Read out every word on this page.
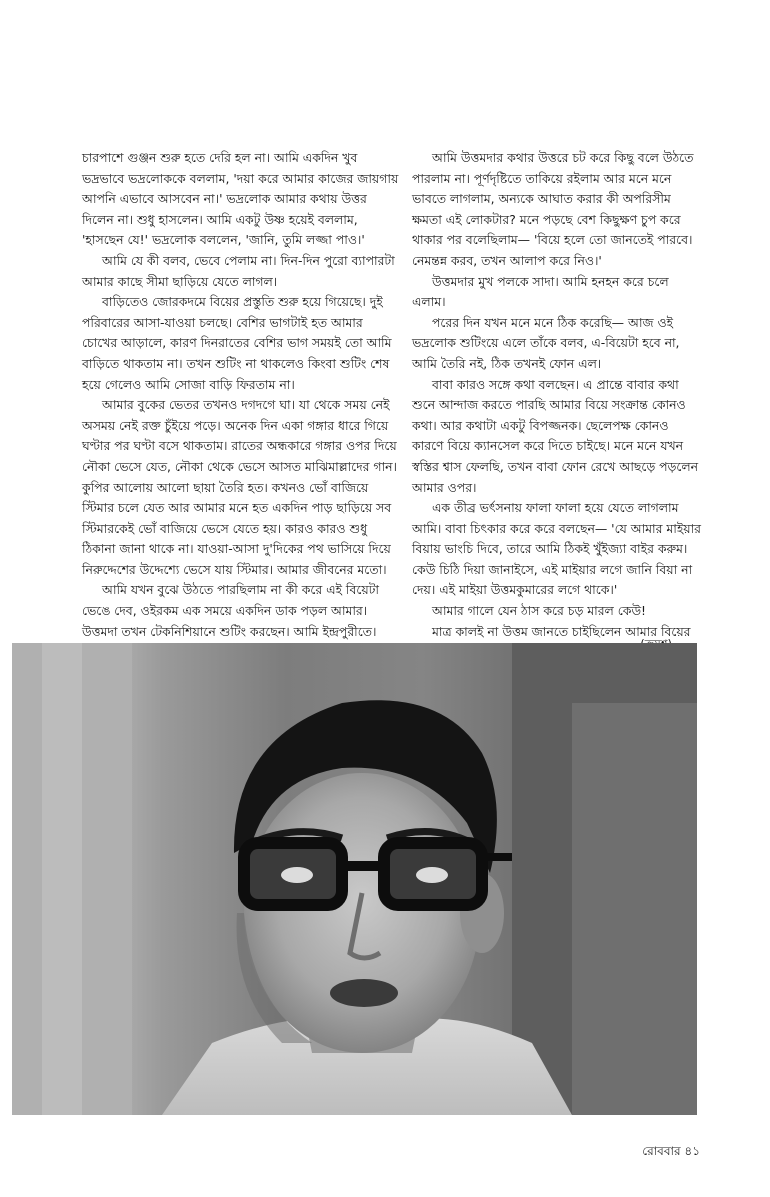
চারপাশে গুঞ্জন শুরু হতে দেরি হল না। আমি একদিন খুব ভদ্রভাবে ভদ্রলোককে বললাম, 'দয়া করে আমার কাজের জায়গায় আপনি এভাবে আসবেন না।' ভদ্রলোক আমার কথায় উত্তর দিলেন না। শুধু হাসলেন। আমি একটু উষ্ণ হয়েই বললাম, 'হাসছেন যে!' ভদ্রলোক বললেন, 'জানি, তুমি লজ্জা পাও।'

আমি যে কী বলব, ভেবে পেলাম না। দিন-দিন পুরো ব্যাপারটা আমার কাছে সীমা ছাড়িয়ে যেতে লাগল।

বাড়িতেও জোরকদমে বিয়ের প্রস্তুতি শুরু হয়ে গিয়েছে। দুই পরিবারের আসা-যাওয়া চলছে। বেশির ভাগটাই হত আমার চোখের আড়ালে, কারণ দিনরাতের বেশির ভাগ সময়ই তো আমি বাড়িতে থাকতাম না। তখন শুটিং না থাকলেও কিংবা শুটিং শেষ হয়ে গেলেও আমি সোজা বাড়ি ফিরতাম না।

আমার বুকের ভেতর তখনও দগদগে ঘা। যা থেকে সময় নেই অসময় নেই রক্ত চুঁইয়ে পড়ে। অনেক দিন একা গঙ্গার ধারে গিয়ে ঘণ্টার পর ঘণ্টা বসে থাকতাম। রাতের অন্ধকারে গঙ্গার ওপর দিয়ে নৌকা ভেসে যেত, নৌকা থেকে ভেসে আসত মাঝিমাল্লাদের গান। কুপির আলোয় আলো ছায়া তৈরি হত। কখনও ভোঁ বাজিয়ে স্টিমার চলে যেত আর আমার মনে হত একদিন পাড় ছাড়িয়ে সব স্টিমারকেই ভোঁ বাজিয়ে ভেসে যেতে হয়। কারও কারও শুধু ঠিকানা জানা থাকে না। যাওয়া-আসা দু'দিকের পথ ভাসিয়ে দিয়ে নিরুদ্দেশের উদ্দেশ্যে ভেসে যায় স্টিমার। আমার জীবনের মতো।

আমি যখন বুঝে উঠতে পারছিলাম না কী করে এই বিয়েটা ভেঙে দেব, ওইরকম এক সময়ে একদিন ডাক পড়ল আমার। উত্তমদা তখন টেকনিশিয়ানে শুটিং করছেন। আমি ইন্দ্রপুরীতে।

আমি উত্তমদার কথার উত্তরে চট করে কিছু বলে উঠতে পারলাম না। পূর্ণদৃষ্টিতে তাকিয়ে রইলাম আর মনে মনে ভাবতে লাগলাম, অন্যকে আঘাত করার কী অপরিসীম ক্ষমতা এই লোকটার? মনে পড়ছে বেশ কিছুক্ষণ চুপ করে থাকার পর বলেছিলাম— 'বিয়ে হলে তো জানতেই পারবে। নেমন্তন্ন করব, তখন আলাপ করে নিও।'

উত্তমদার মুখ পলকে সাদা। আমি হনহন করে চলে এলাম।

পরের দিন যখন মনে মনে ঠিক করেছি— আজ ওই ভদ্রলোক শুটিংয়ে এলে তাঁকে বলব, এ-বিয়েটা হবে না, আমি তৈরি নই, ঠিক তখনই ফোন এল।

বাবা কারও সঙ্গে কথা বলছেন। এ প্রান্তে বাবার কথা শুনে আন্দাজ করতে পারছি আমার বিয়ে সংক্রান্ত কোনও কথা। আর কথাটা একটু বিপজ্জনক। ছেলেপক্ষ কোনও কারণে বিয়ে ক্যানসেল করে দিতে চাইছে। মনে মনে যখন স্বস্তির শ্বাস ফেলছি, তখন বাবা ফোন রেখে আছড়ে পড়লেন আমার ওপর।

এক তীব্র ভর্ৎসনায় ফালা ফালা হয়ে যেতে লাগলাম আমি। বাবা চিৎকার করে করে বলছেন— 'যে আমার মাইয়ার বিয়ায় ভাংচি দিবে, তারে আমি ঠিকই খুঁইজ্যা বাইর করুম। কেউ চিঠি দিয়া জানাইসে, এই মাইয়ার লগে জানি বিয়া না দেয়। এই মাইয়া উত্তমকুমারের লগে থাকে।'

আমার গালে যেন ঠাস করে চড় মারল কেউ!

মাত্র কালই না উত্তম জানতে চাইছিলেন আমার বিয়ের

রোববার ৪১
